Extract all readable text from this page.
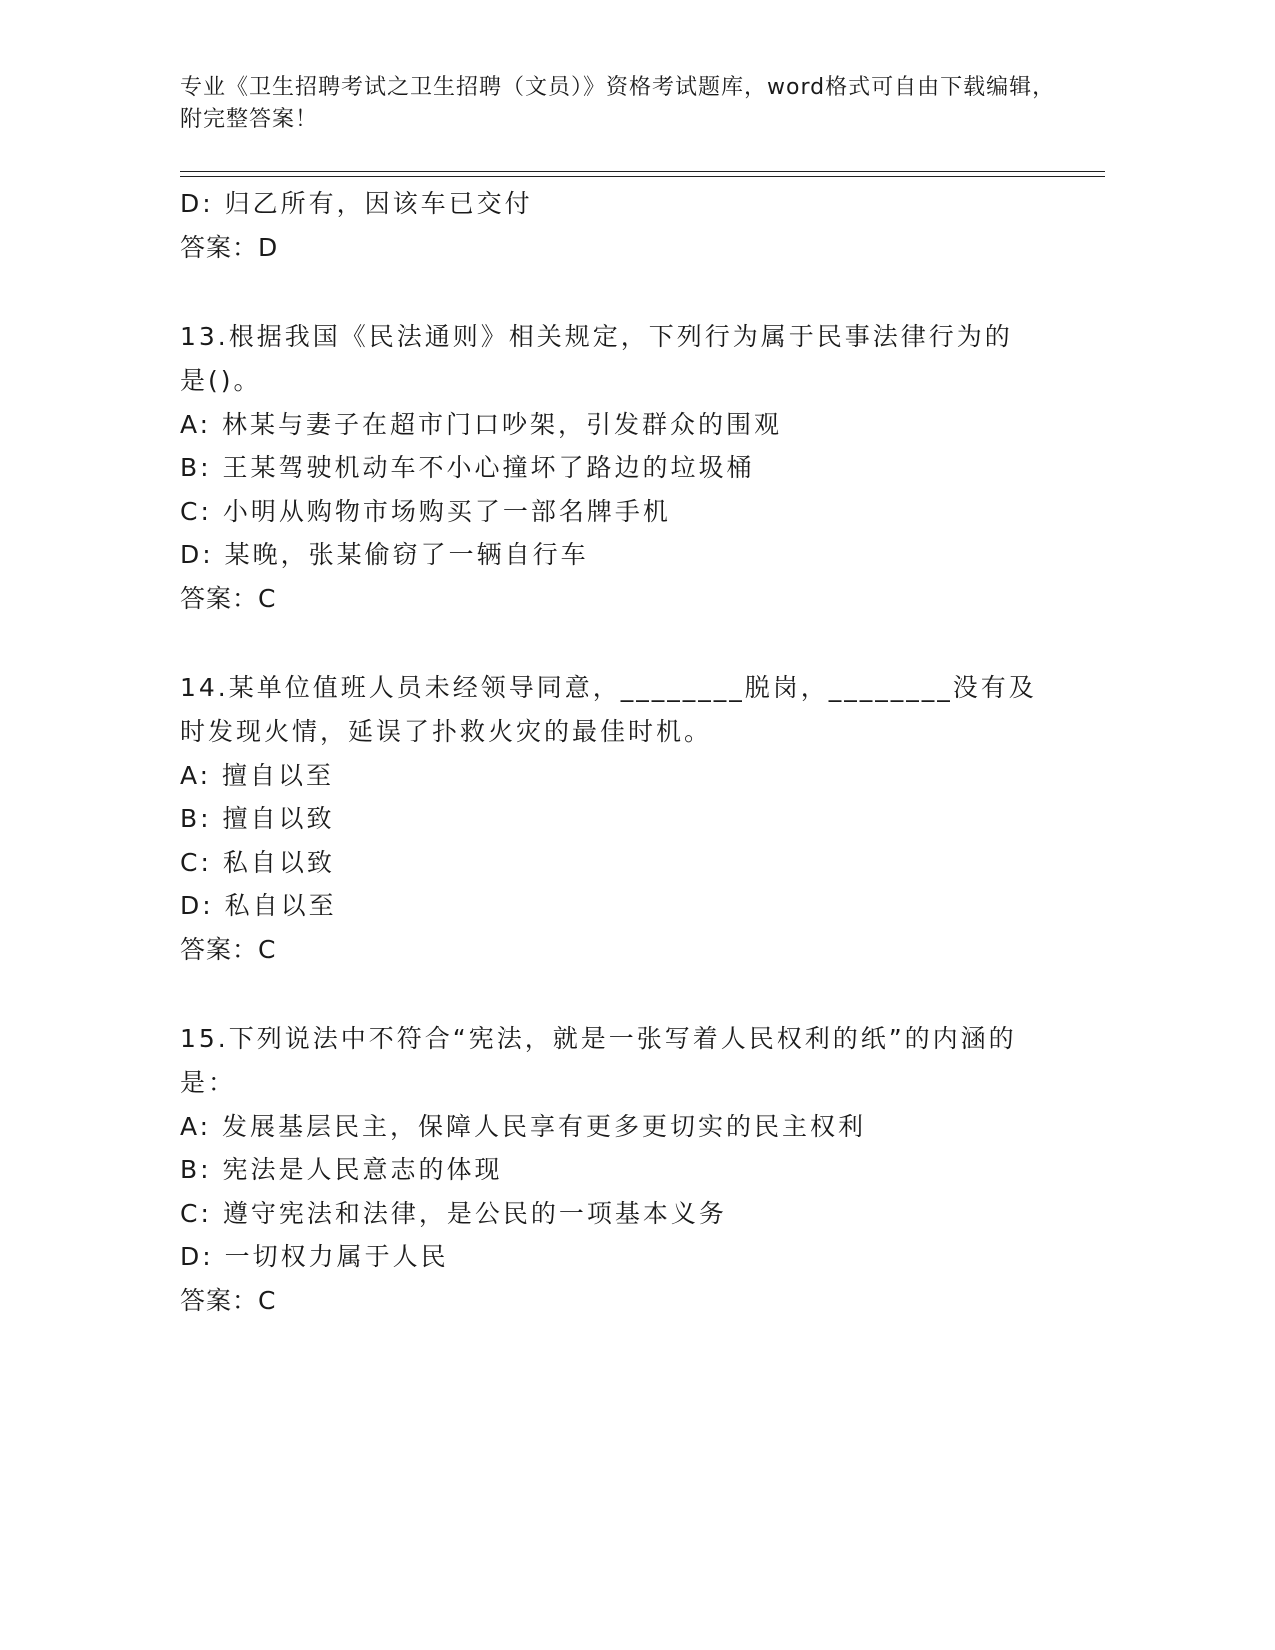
专业《卫生招聘考试之卫生招聘（文员）》资格考试题库，word格式可自由下载编辑，附完整答案！
D: 归乙所有，因该车已交付
答案：D
13.根据我国《民法通则》相关规定，下列行为属于民事法律行为的是()。
A: 林某与妻子在超市门口吵架，引发群众的围观
B: 王某驾驶机动车不小心撞坏了路边的垃圾桶
C: 小明从购物市场购买了一部名牌手机
D: 某晚，张某偷窃了一辆自行车
答案：C
14.某单位值班人员未经领导同意，________脱岗，________没有及时发现火情，延误了扑救火灾的最佳时机。
A: 擅自以至
B: 擅自以致
C: 私自以致
D: 私自以至
答案：C
15.下列说法中不符合“宪法，就是一张写着人民权利的纸”的内涵的是：
A: 发展基层民主，保障人民享有更多更切实的民主权利
B: 宪法是人民意志的体现
C: 遵守宪法和法律，是公民的一项基本义务
D: 一切权力属于人民
答案：C
